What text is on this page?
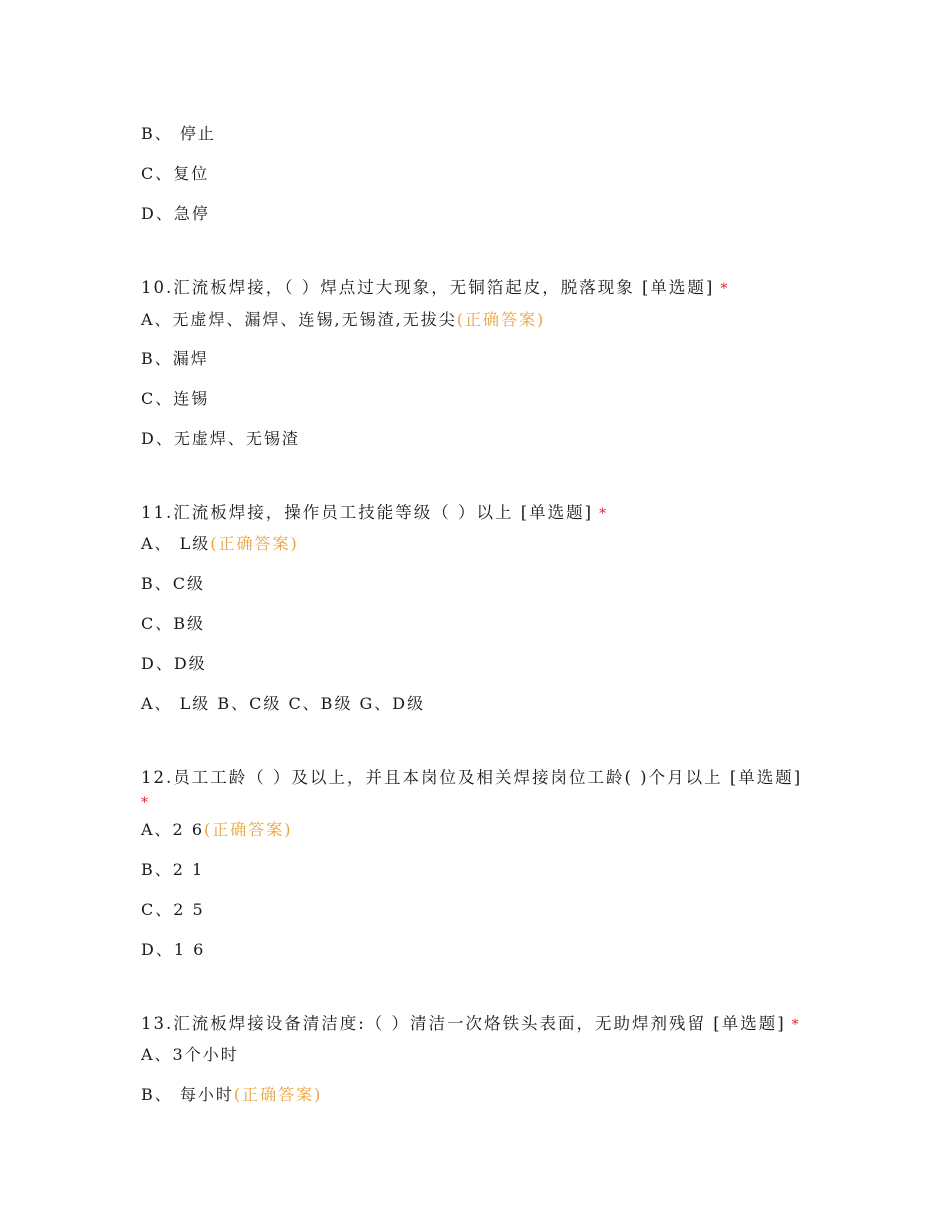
B、 停止
C、复位
D、急停
10.汇流板焊接，（ ）焊点过大现象，无铜箔起皮，脱落现象 [单选题] *
A、无虚焊、漏焊、连锡,无锡渣,无拔尖(正确答案)
B、漏焊
C、连锡
D、无虚焊、无锡渣
11.汇流板焊接，操作员工技能等级（ ）以上 [单选题] *
A、 L级(正确答案)
B、C级
C、B级
D、D级
A、 L级 B、C级 C、B级 G、D级
12.员工工龄（ ）及以上，并且本岗位及相关焊接岗位工龄( )个月以上 [单选题]
*
A、2 6(正确答案)
B、2 1
C、2 5
D、1 6
13.汇流板焊接设备清洁度:（ ）清洁一次烙铁头表面，无助焊剂残留 [单选题] *
A、3个小时
B、 每小时(正确答案)
